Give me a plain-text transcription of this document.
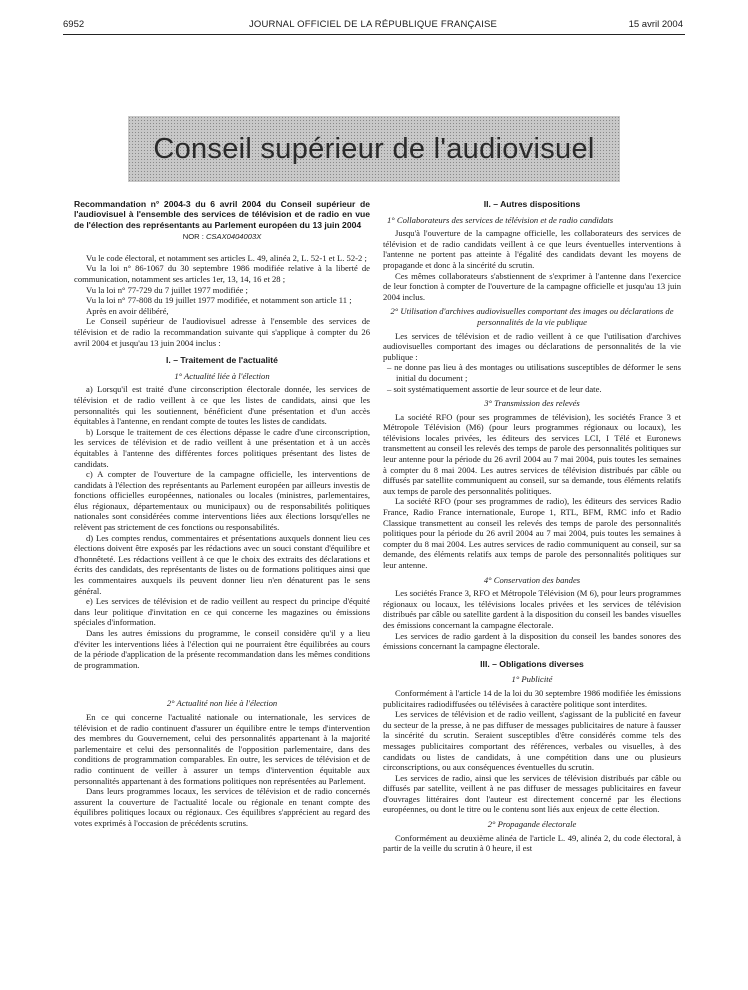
6952	JOURNAL OFFICIEL DE LA RÉPUBLIQUE FRANÇAISE	15 avril 2004
Conseil supérieur de l'audiovisuel

Recommandation n° 2004-3 du 6 avril 2004 du Conseil supérieur de l'audiovisuel à l'ensemble des services de télévision et de radio en vue de l'élection des représentants au Parlement européen du 13 juin 2004

NOR : CSAX0404003X

Vu le code électoral, et notamment ses articles L. 49, alinéa 2, L. 52-1 et L. 52-2 ;

Vu la loi n° 86-1067 du 30 septembre 1986 modifiée relative à la liberté de communication, notamment ses articles 1er, 13, 14, 16 et 28 ;

Vu la loi n° 77-729 du 7 juillet 1977 modifiée ;

Vu la loi n° 77-808 du 19 juillet 1977 modifiée, et notamment son article 11 ;

Après en avoir délibéré,

Le Conseil supérieur de l'audiovisuel adresse à l'ensemble des services de télévision et de radio la recommandation suivante qui s'applique à compter du 26 avril 2004 et jusqu'au 13 juin 2004 inclus :

I. – Traitement de l'actualité

1° Actualité liée à l'élection

a) Lorsqu'il est traité d'une circonscription électorale donnée, les services de télévision et de radio veillent à ce que les listes de candidats, ainsi que les personnalités qui les soutiennent, bénéficient d'une présentation et d'un accès équitables à l'antenne, en rendant compte de toutes les listes de candidats.

b) Lorsque le traitement de ces élections dépasse le cadre d'une circonscription, les services de télévision et de radio veillent à une présentation et à un accès équitables à l'antenne des différentes forces politiques présentant des listes de candidats.

c) A compter de l'ouverture de la campagne officielle, les interventions de candidats à l'élection des représentants au Parlement européen par ailleurs investis de fonctions officielles européennes, nationales ou locales (ministres, parlementaires, élus régionaux, départementaux ou municipaux) ou de responsabilités politiques nationales sont considérées comme interventions liées aux élections lorsqu'elles ne relèvent pas strictement de ces fonctions ou responsabilités.

d) Les comptes rendus, commentaires et présentations auxquels donnent lieu ces élections doivent être exposés par les rédactions avec un souci constant d'équilibre et d'honnêteté. Les rédactions veillent à ce que le choix des extraits des déclarations et écrits des candidats, des représentants de listes ou de formations politiques ainsi que les commentaires auxquels ils peuvent donner lieu n'en dénaturent pas le sens général.

e) Les services de télévision et de radio veillent au respect du principe d'équité dans leur politique d'invitation en ce qui concerne les magazines ou émissions spéciales d'information.

Dans les autres émissions du programme, le conseil considère qu'il y a lieu d'éviter les interventions liées à l'élection qui ne pourraient être équilibrées au cours de la période d'application de la présente recommandation dans les mêmes conditions de programmation.

2° Actualité non liée à l'élection

En ce qui concerne l'actualité nationale ou internationale, les services de télévision et de radio continuent d'assurer un équilibre entre le temps d'intervention des membres du Gouvernement, celui des personnalités appartenant à la majorité parlementaire et celui des personnalités de l'opposition parlementaire, dans des conditions de programmation comparables. En outre, les services de télévision et de radio continuent de veiller à assurer un temps d'intervention équitable aux personnalités appartenant à des formations politiques non représentées au Parlement.

Dans leurs programmes locaux, les services de télévision et de radio concernés assurent la couverture de l'actualité locale ou régionale en tenant compte des équilibres politiques locaux ou régionaux. Ces équilibres s'apprécient au regard des votes exprimés à l'occasion de précédents scrutins.

II. – Autres dispositions

1° Collaborateurs des services de télévision et de radio candidats

Jusqu'à l'ouverture de la campagne officielle, les collaborateurs des services de télévision et de radio candidats veillent à ce que leurs éventuelles interventions à l'antenne ne portent pas atteinte à l'égalité des candidats devant les moyens de propagande et donc à la sincérité du scrutin.

Ces mêmes collaborateurs s'abstiennent de s'exprimer à l'antenne dans l'exercice de leur fonction à compter de l'ouverture de la campagne officielle et jusqu'au 13 juin 2004 inclus.

2° Utilisation d'archives audiovisuelles comportant des images ou déclarations de personnalités de la vie publique

Les services de télévision et de radio veillent à ce que l'utilisation d'archives audiovisuelles comportant des images ou déclarations de personnalités de la vie publique :

– ne donne pas lieu à des montages ou utilisations susceptibles de déformer le sens initial du document ;

– soit systématiquement assortie de leur source et de leur date.

3° Transmission des relevés

La société RFO (pour ses programmes de télévision), les sociétés France 3 et Métropole Télévision (M6) (pour leurs programmes régionaux ou locaux), les télévisions locales privées, les éditeurs des services LCI, I Télé et Euronews transmettent au conseil les relevés des temps de parole des personnalités politiques sur leur antenne pour la période du 26 avril 2004 au 7 mai 2004, puis toutes les semaines à compter du 8 mai 2004. Les autres services de télévision distribués par câble ou diffusés par satellite communiquent au conseil, sur sa demande, tous éléments relatifs aux temps de parole des personnalités politiques.

La société RFO (pour ses programmes de radio), les éditeurs des services Radio France, Radio France internationale, Europe 1, RTL, BFM, RMC info et Radio Classique transmettent au conseil les relevés des temps de parole des personnalités politiques pour la période du 26 avril 2004 au 7 mai 2004, puis toutes les semaines à compter du 8 mai 2004. Les autres services de radio communiquent au conseil, sur sa demande, des éléments relatifs aux temps de parole des personnalités politiques sur leur antenne.

4° Conservation des bandes

Les sociétés France 3, RFO et Métropole Télévision (M 6), pour leurs programmes régionaux ou locaux, les télévisions locales privées et les services de télévision distribués par câble ou satellite gardent à la disposition du conseil les bandes visuelles des émissions concernant la campagne électorale.

Les services de radio gardent à la disposition du conseil les bandes sonores des émissions concernant la campagne électorale.

III. – Obligations diverses

1° Publicité

Conformément à l'article 14 de la loi du 30 septembre 1986 modifiée les émissions publicitaires radiodiffusées ou télévisées à caractère politique sont interdites.

Les services de télévision et de radio veillent, s'agissant de la publicité en faveur du secteur de la presse, à ne pas diffuser de messages publicitaires de nature à fausser la sincérité du scrutin. Seraient susceptibles d'être considérés comme tels des messages publicitaires comportant des références, verbales ou visuelles, à des candidats ou listes de candidats, à une compétition dans une ou plusieurs circonscriptions, ou aux conséquences éventuelles du scrutin.

Les services de radio, ainsi que les services de télévision distribués par câble ou diffusés par satellite, veillent à ne pas diffuser de messages publicitaires en faveur d'ouvrages littéraires dont l'auteur est directement concerné par les élections européennes, ou dont le titre ou le contenu sont liés aux enjeux de cette élection.

2° Propagande électorale

Conformément au deuxième alinéa de l'article L. 49, alinéa 2, du code électoral, à partir de la veille du scrutin à 0 heure, il est
